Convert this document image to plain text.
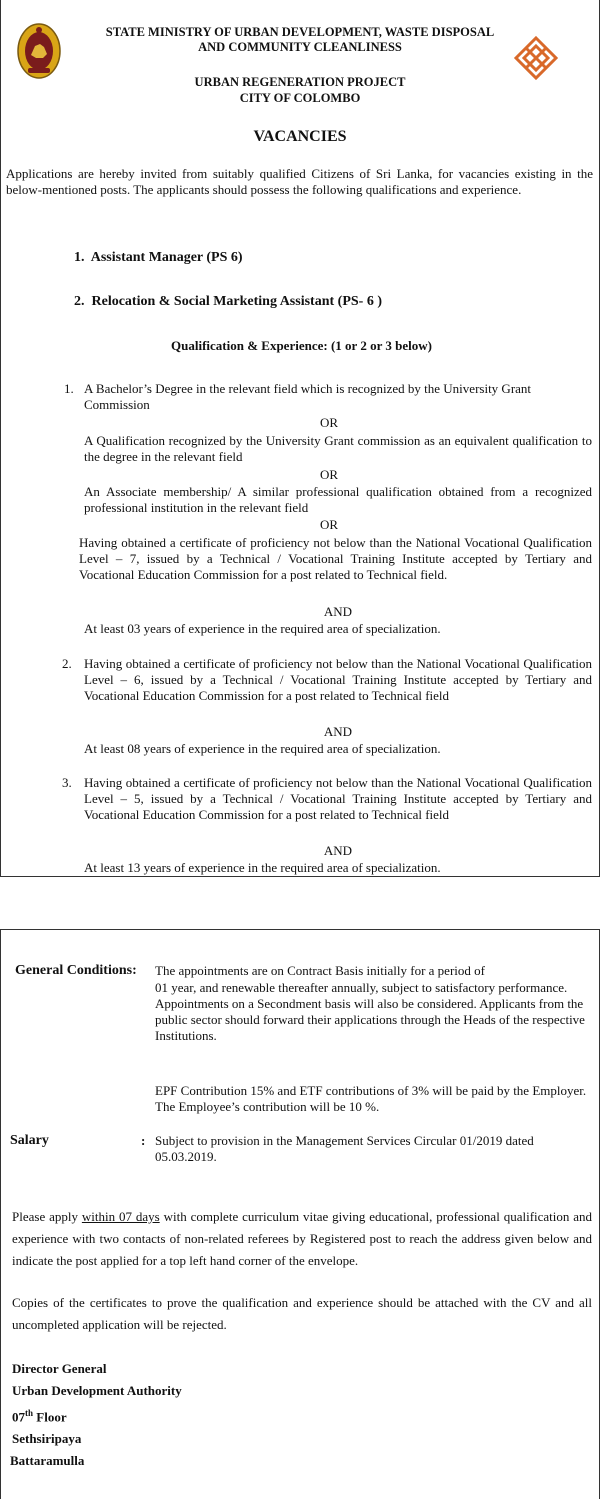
STATE MINISTRY OF URBAN DEVELOPMENT, WASTE DISPOSAL
AND COMMUNITY CLEANLINESS
URBAN REGENERATION PROJECT
CITY OF COLOMBO
VACANCIES
Applications are hereby invited from suitably qualified Citizens of Sri Lanka, for vacancies existing in the below-mentioned posts. The applicants should possess the following qualifications and experience.
1. Assistant Manager (PS 6)
2. Relocation & Social Marketing Assistant (PS- 6 )
Qualification & Experience: (1 or 2 or 3 below)
1. A Bachelor’s Degree in the relevant field which is recognized by the University Grant Commission
OR
A Qualification recognized by the University Grant commission as an equivalent qualification to the degree in the relevant field
OR
An Associate membership/ A similar professional qualification obtained from a recognized professional institution in the relevant field
OR
Having obtained a certificate of proficiency not below than the National Vocational Qualification Level – 7, issued by a Technical / Vocational Training Institute accepted by Tertiary and Vocational Education Commission for a post related to Technical field.
AND
At least 03 years of experience in the required area of specialization.
2. Having obtained a certificate of proficiency not below than the National Vocational Qualification Level – 6, issued by a Technical / Vocational Training Institute accepted by Tertiary and Vocational Education Commission for a post related to Technical field
AND
At least 08 years of experience in the required area of specialization.
3. Having obtained a certificate of proficiency not below than the National Vocational Qualification Level – 5, issued by a Technical / Vocational Training Institute accepted by Tertiary and Vocational Education Commission for a post related to Technical field
AND
At least 13 years of experience in the required area of specialization.
General Conditions: The appointments are on Contract Basis initially for a period of
01 year, and renewable thereafter annually, subject to satisfactory performance. Appointments on a Secondment basis will also be considered. Applicants from the public sector should forward their applications through the Heads of the respective Institutions.
EPF Contribution 15% and ETF contributions of 3% will be paid by the Employer. The Employee’s contribution will be 10 %.
Salary	: Subject to provision in the Management Services Circular 01/2019 dated 05.03.2019.
Please apply within 07 days with complete curriculum vitae giving educational, professional qualification and experience with two contacts of non-related referees by Registered post to reach the address given below and indicate the post applied for a top left hand corner of the envelope.
Copies of the certificates to prove the qualification and experience should be attached with the CV and all uncompleted application will be rejected.
Director General
Urban Development Authority
07th Floor
Sethsiripaya
Battaramulla
